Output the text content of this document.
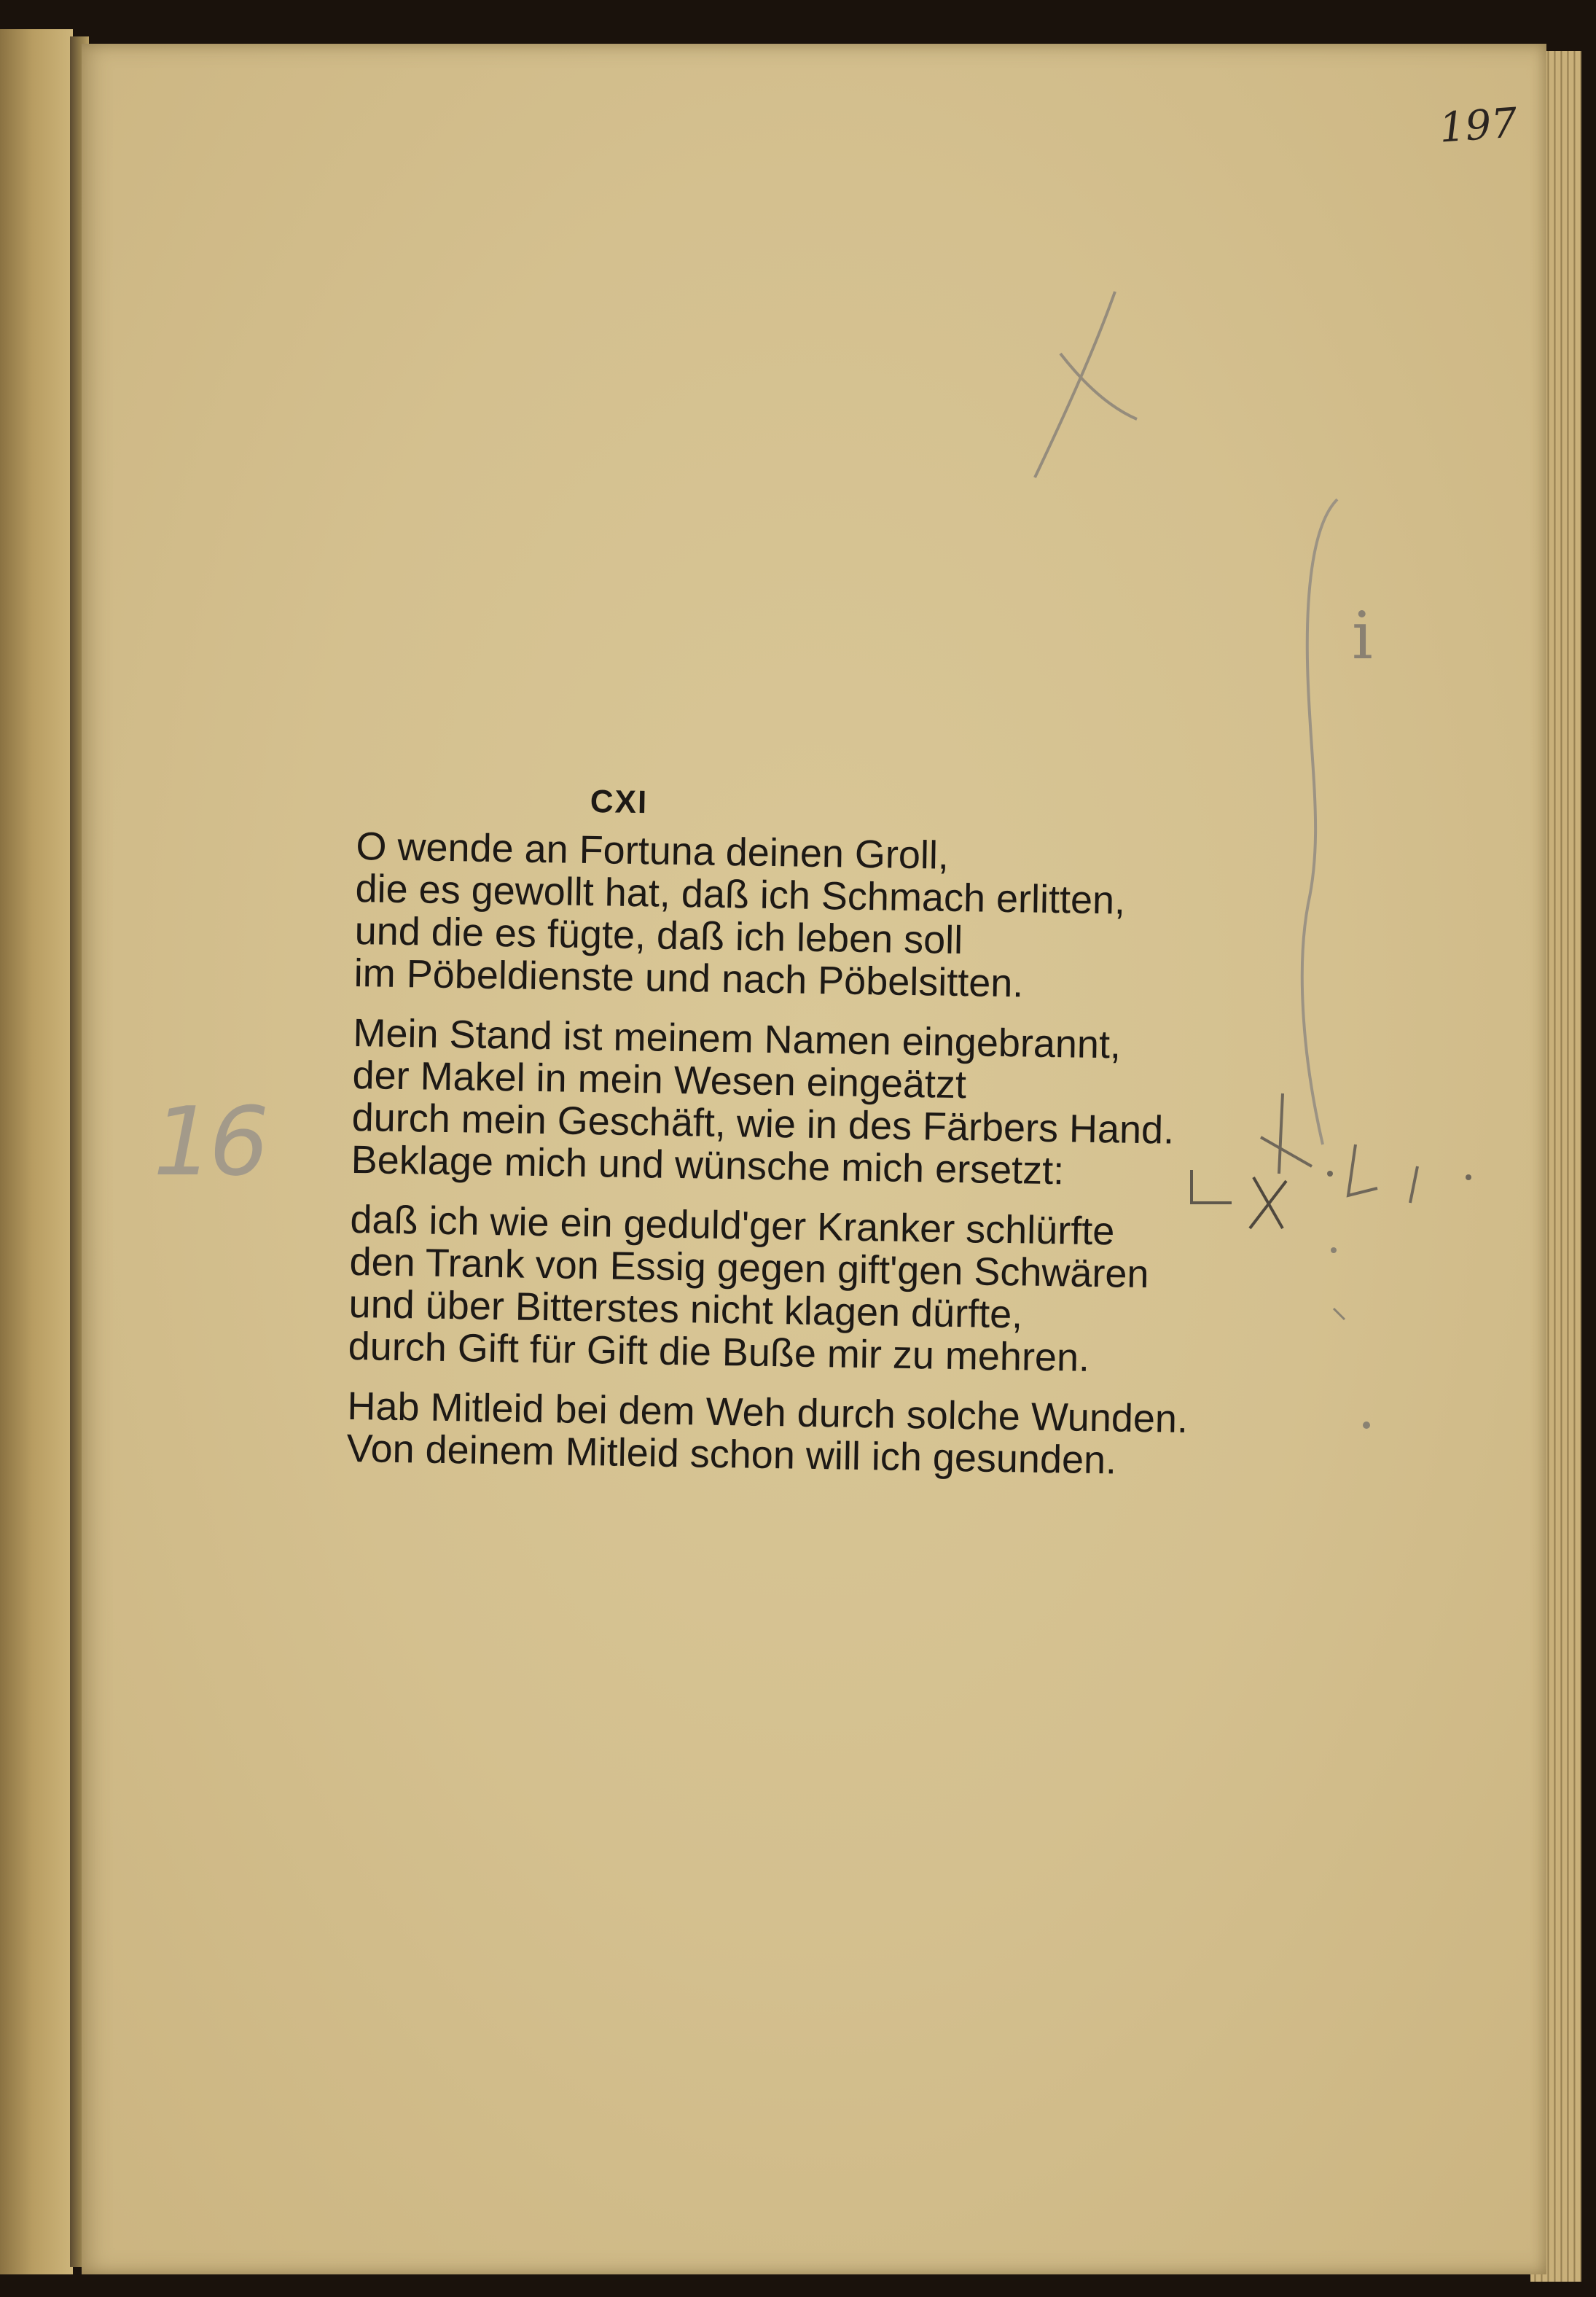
197
i
16
CXI
O wende an Fortuna deinen Groll,
die es gewollt hat, daß ich Schmach erlitten,
und die es fügte, daß ich leben soll
im Pöbeldienste und nach Pöbelsitten.
Mein Stand ist meinem Namen eingebrannt,
der Makel in mein Wesen eingeätzt
durch mein Geschäft, wie in des Färbers Hand.
Beklage mich und wünsche mich ersetzt:
daß ich wie ein geduld'ger Kranker schlürfte
den Trank von Essig gegen gift'gen Schwären
und über Bitterstes nicht klagen dürfte,
durch Gift für Gift die Buße mir zu mehren.
Hab Mitleid bei dem Weh durch solche Wunden.
Von deinem Mitleid schon will ich gesunden.
